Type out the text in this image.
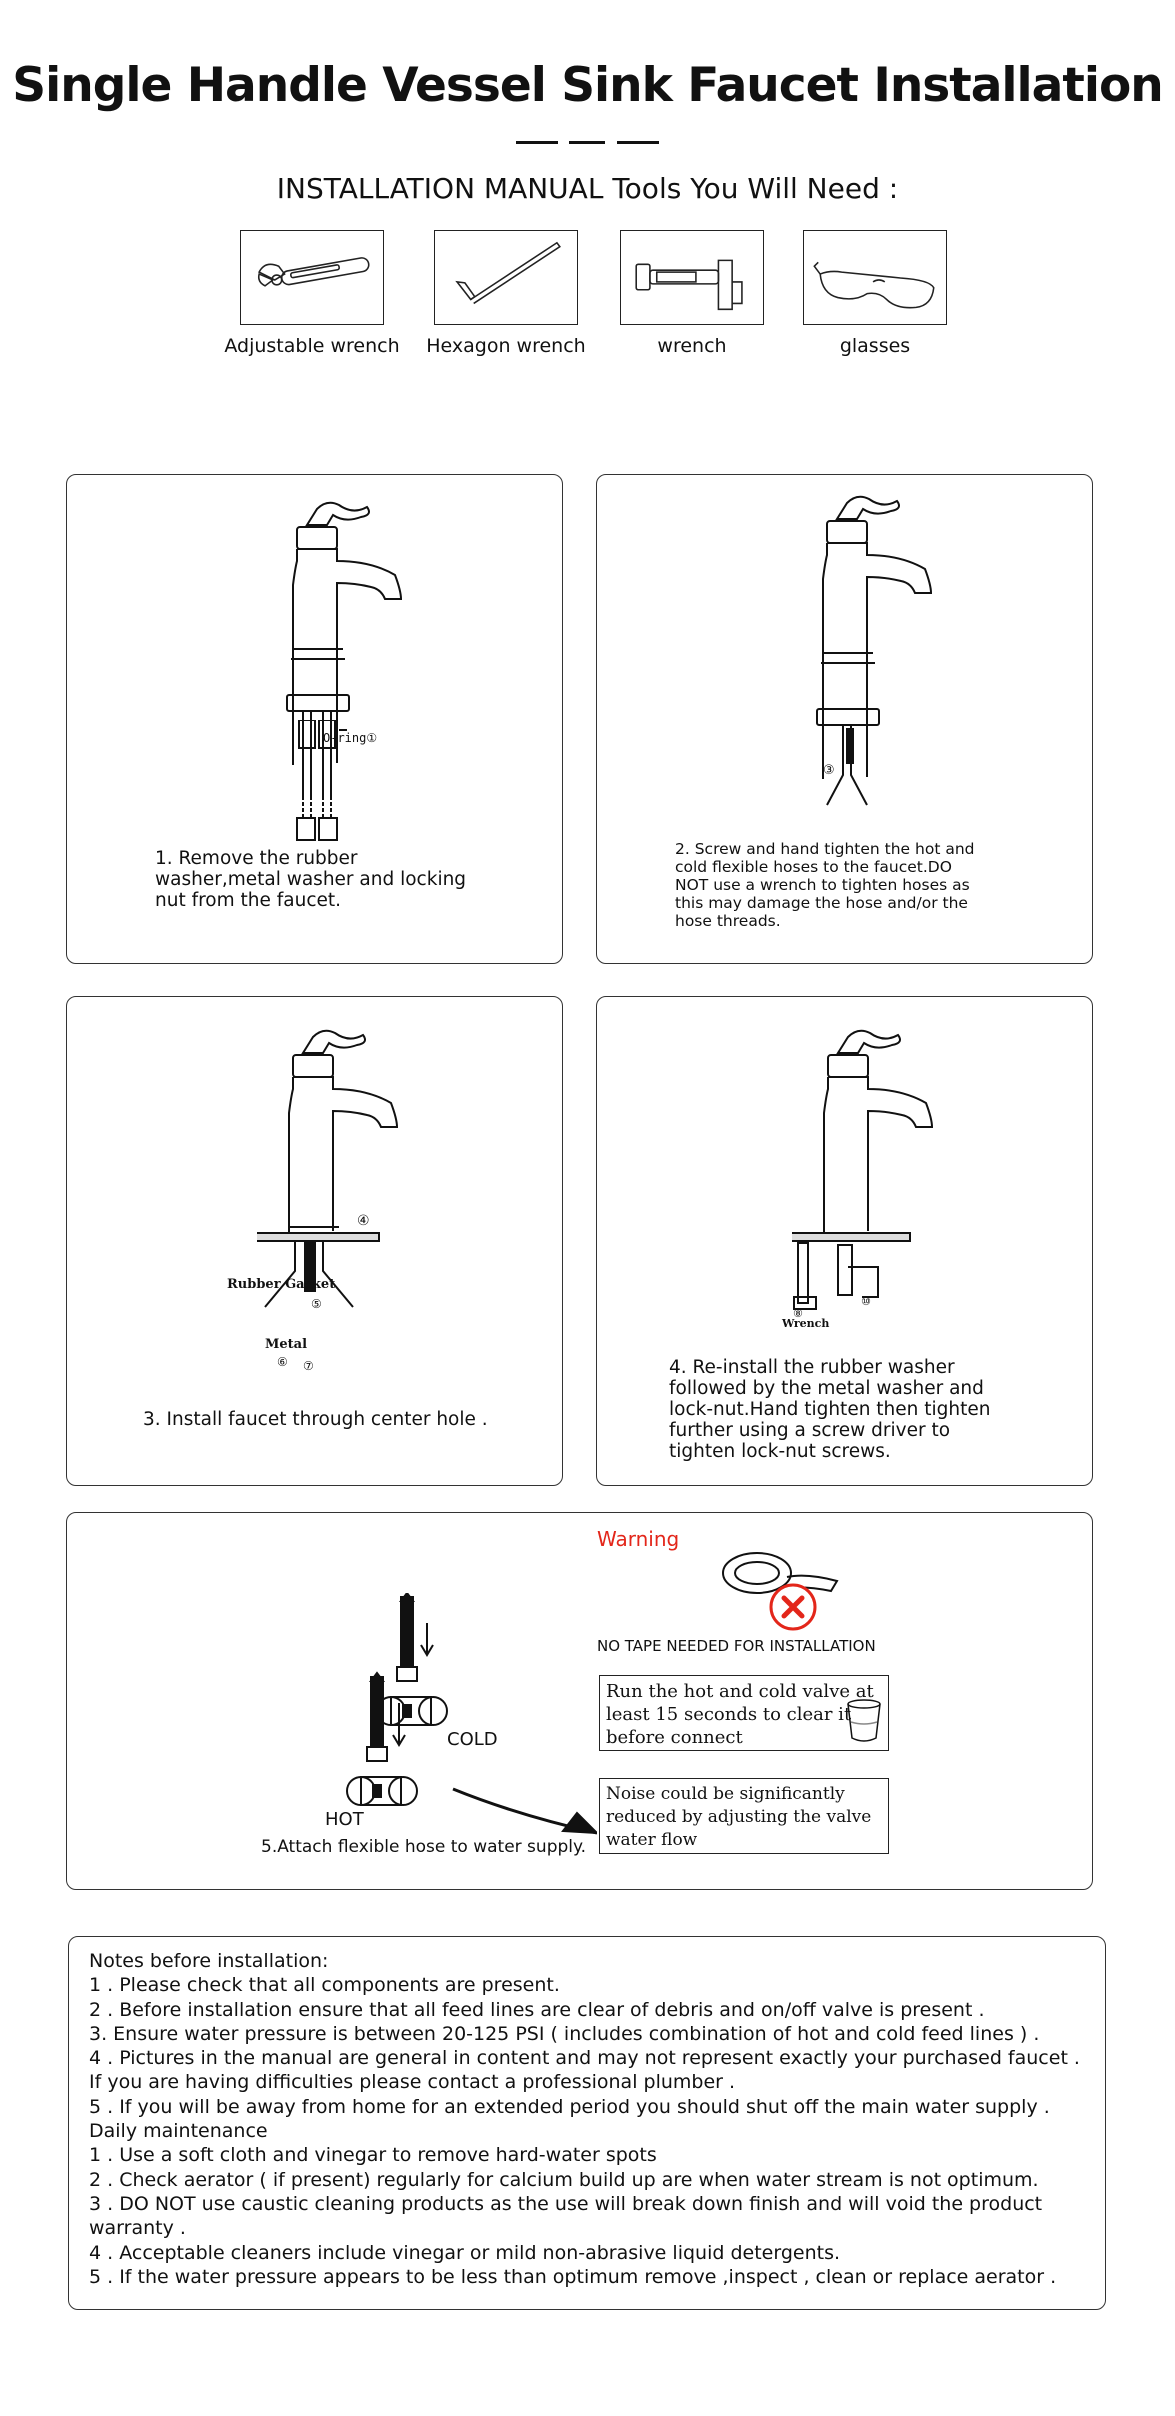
Single Handle Vessel Sink Faucet Installation
INSTALLATION MANUAL Tools You Will Need :
Adjustable wrench	Hexagon wrench	wrench	glasses
O-ring①
1. Remove the rubber washer,metal washer and locking nut from the faucet.
③
2. Screw and hand tighten the hot and cold flexible hoses to the faucet.DO NOT use a wrench to tighten hoses as this may damage the hose and/or the hose threads.
Rubber Gasket
Metal
④
⑤
⑥ ⑦
3. Install faucet through center hole .
⑧
Wrench
⑩
4. Re-install the rubber washer followed by the metal washer and lock-nut.Hand tighten then tighten further using a screw driver to tighten lock-nut screws.
Warning
NO TAPE NEEDED FOR INSTALLATION
Run the hot and cold valve at least 15 seconds to clear it before connect
Noise could be significantly reduced by adjusting the valve water flow
COLD
HOT
5.Attach flexible hose to water supply.
Notes before installation:
1 . Please check that all components are present.
2 . Before installation ensure that all feed lines are clear of debris and on/off valve is present .
3. Ensure water pressure is between 20-125 PSI ( includes combination of hot and cold feed lines ) .
4 . Pictures in the manual are general in content and may not represent exactly your purchased faucet . If you are having difficulties please contact a professional plumber .
5 . If you will be away from home for an extended period you should shut off the main water supply .
Daily maintenance
1 . Use a soft cloth and vinegar to remove hard-water spots
2 . Check aerator ( if present) regularly for calcium build up are when water stream is not optimum.
3 . DO NOT use caustic cleaning products as the use will break down finish and will void the product warranty .
4 . Acceptable cleaners include vinegar or mild non-abrasive liquid detergents.
5 . If the water pressure appears to be less than optimum remove ,inspect , clean or replace aerator .
